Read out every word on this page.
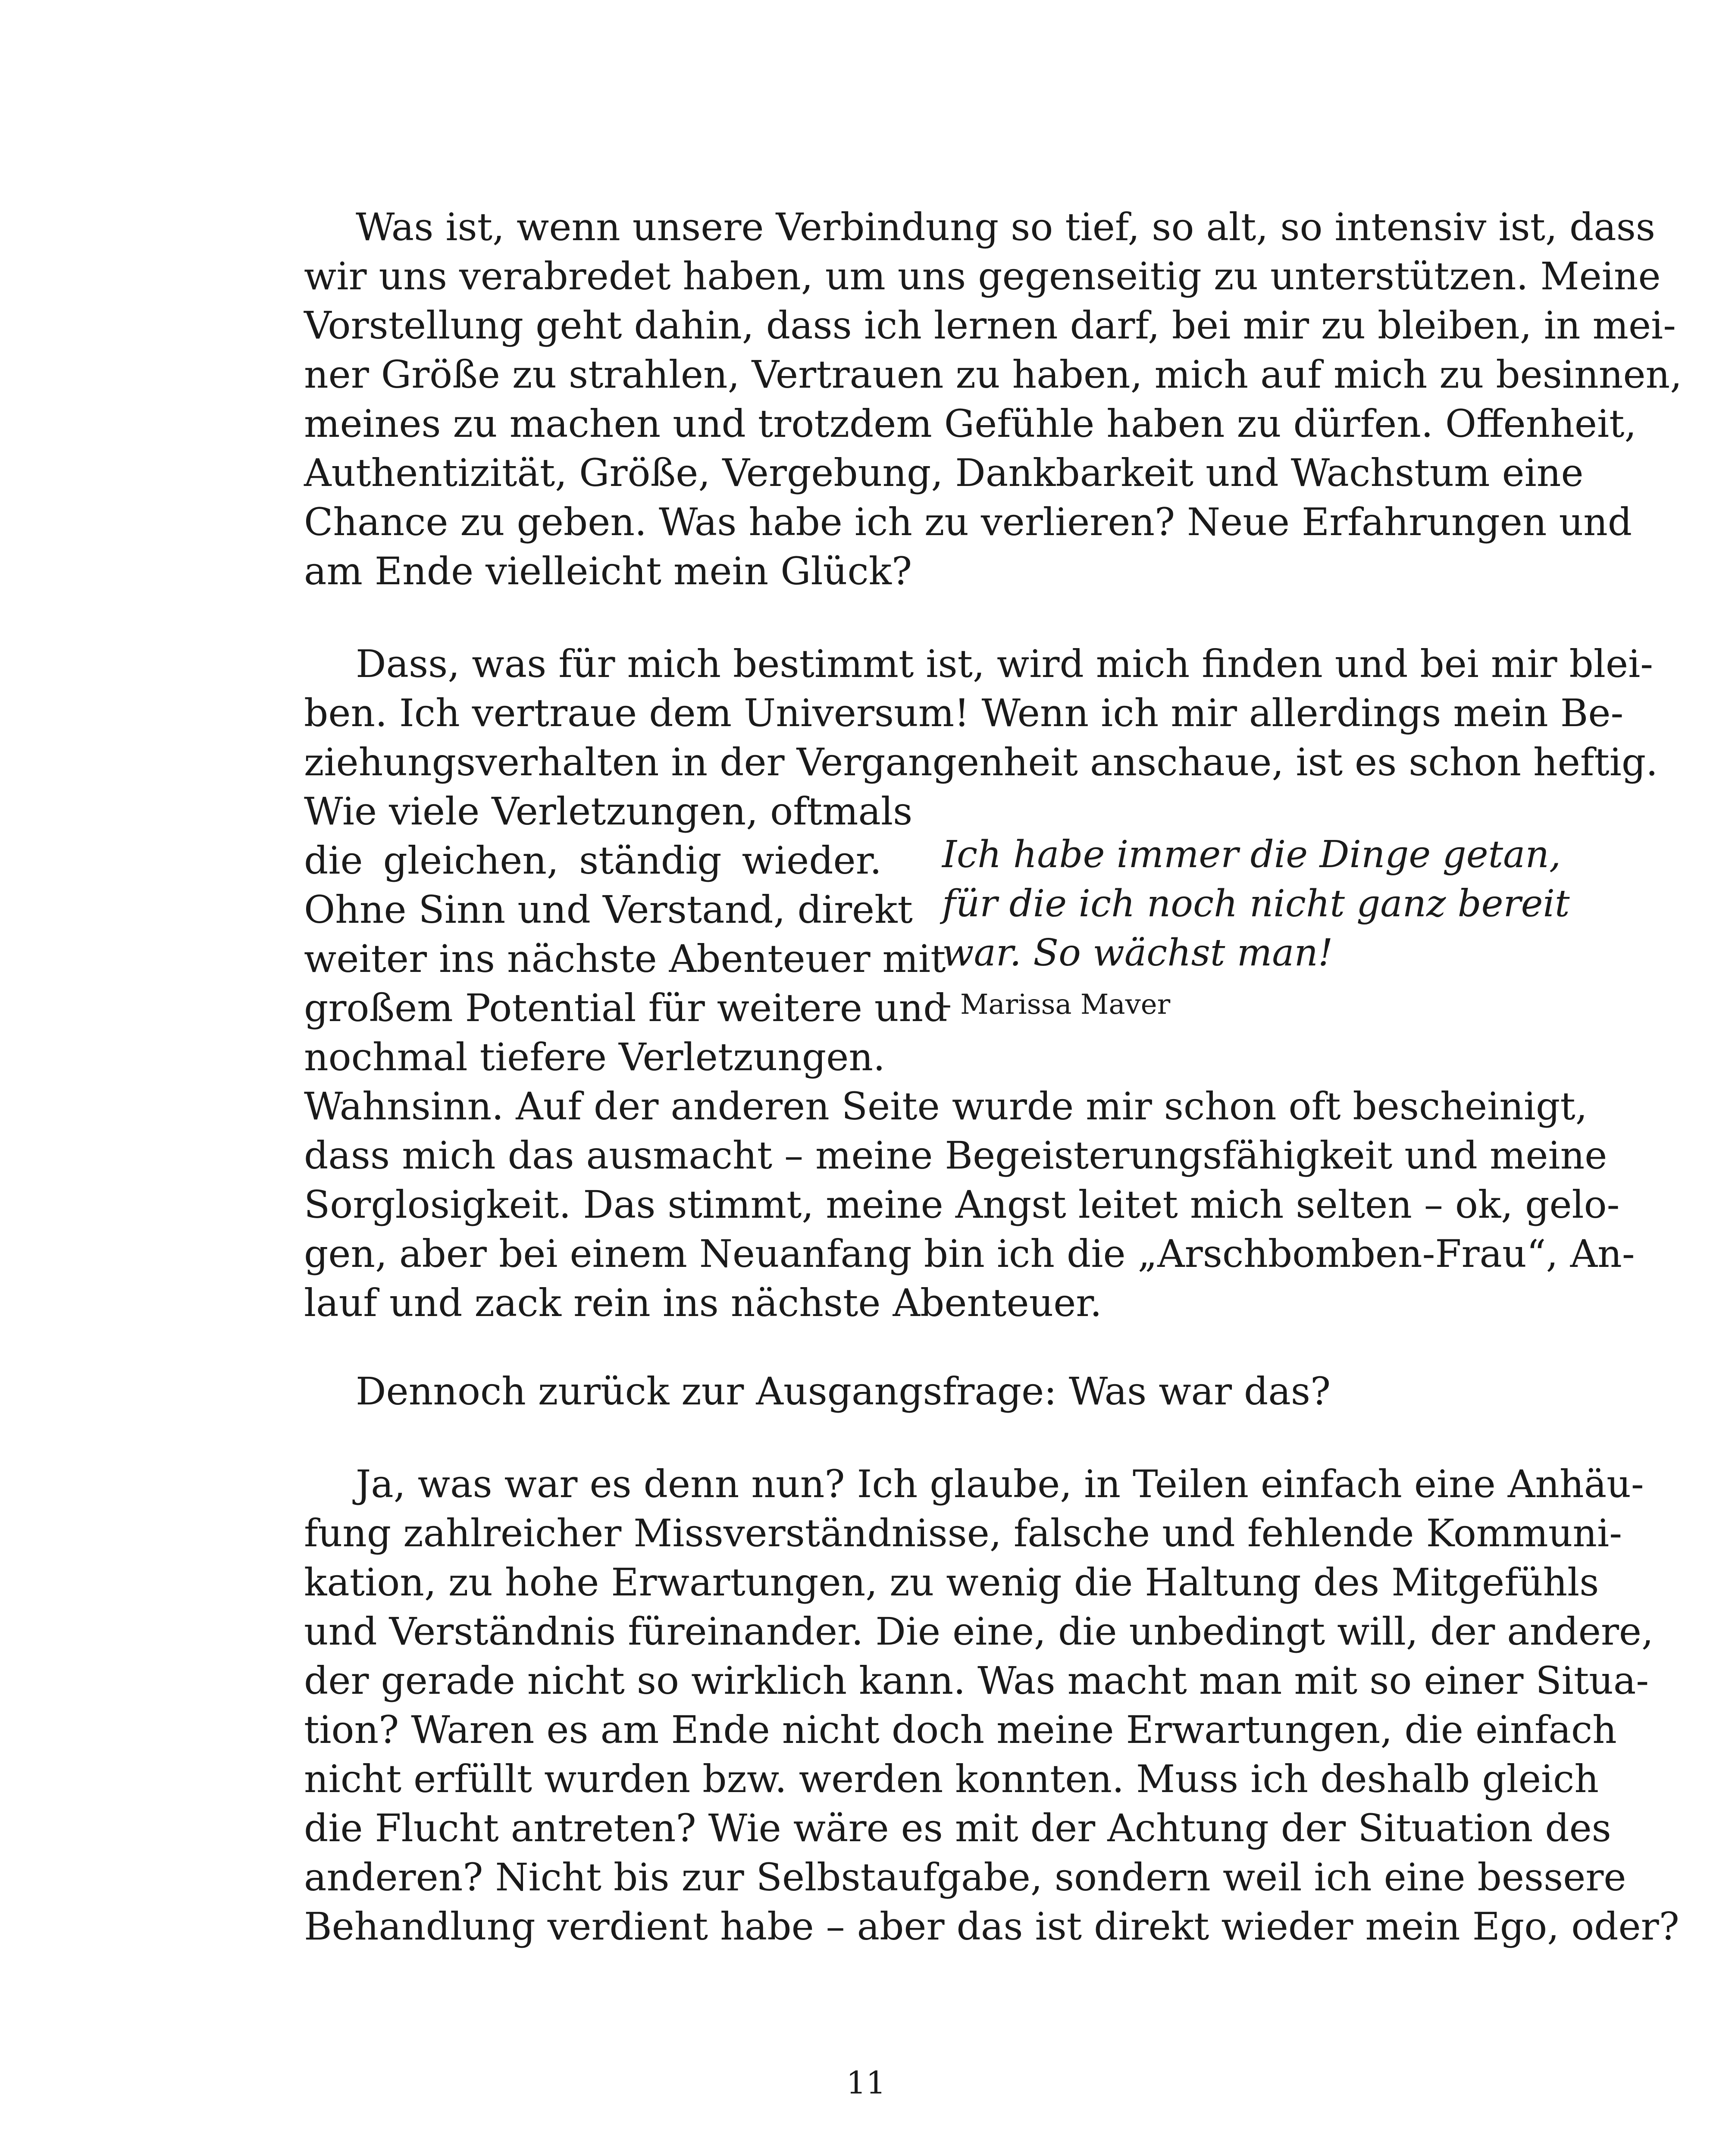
Was ist, wenn unsere Verbindung so tief, so alt, so intensiv ist, dass
wir uns verabredet haben, um uns gegenseitig zu unterstützen. Meine
Vorstellung geht dahin, dass ich lernen darf, bei mir zu bleiben, in mei-
ner Größe zu strahlen, Vertrauen zu haben, mich auf mich zu besinnen,
meines zu machen und trotzdem Gefühle haben zu dürfen. Offenheit,
Authentizität, Größe, Vergebung, Dankbarkeit und Wachstum eine
Chance zu geben. Was habe ich zu verlieren? Neue Erfahrungen und
am Ende vielleicht mein Glück?
Dass, was für mich bestimmt ist, wird mich finden und bei mir blei-
ben. Ich vertraue dem Universum! Wenn ich mir allerdings mein Be-
ziehungsverhalten in der Vergangenheit anschaue, ist es schon heftig.
Wie viele Verletzungen, oftmals
die gleichen, ständig wieder.
Ohne Sinn und Verstand, direkt
weiter ins nächste Abenteuer mit
großem Potential für weitere und
nochmal tiefere Verletzungen.
Wahnsinn. Auf der anderen Seite wurde mir schon oft bescheinigt,
dass mich das ausmacht – meine Begeisterungsfähigkeit und meine
Sorglosigkeit. Das stimmt, meine Angst leitet mich selten – ok, gelo-
gen, aber bei einem Neuanfang bin ich die „Arschbomben-Frau“, An-
lauf und zack rein ins nächste Abenteuer.
Ich habe immer die Dinge getan,
für die ich noch nicht ganz bereit
war. So wächst man!
- Marissa Maver
Dennoch zurück zur Ausgangsfrage: Was war das?
Ja, was war es denn nun? Ich glaube, in Teilen einfach eine Anhäu-
fung zahlreicher Missverständnisse, falsche und fehlende Kommuni-
kation, zu hohe Erwartungen, zu wenig die Haltung des Mitgefühls
und Verständnis füreinander. Die eine, die unbedingt will, der andere,
der gerade nicht so wirklich kann. Was macht man mit so einer Situa-
tion? Waren es am Ende nicht doch meine Erwartungen, die einfach
nicht erfüllt wurden bzw. werden konnten. Muss ich deshalb gleich
die Flucht antreten? Wie wäre es mit der Achtung der Situation des
anderen? Nicht bis zur Selbstaufgabe, sondern weil ich eine bessere
Behandlung verdient habe – aber das ist direkt wieder mein Ego, oder?
11
